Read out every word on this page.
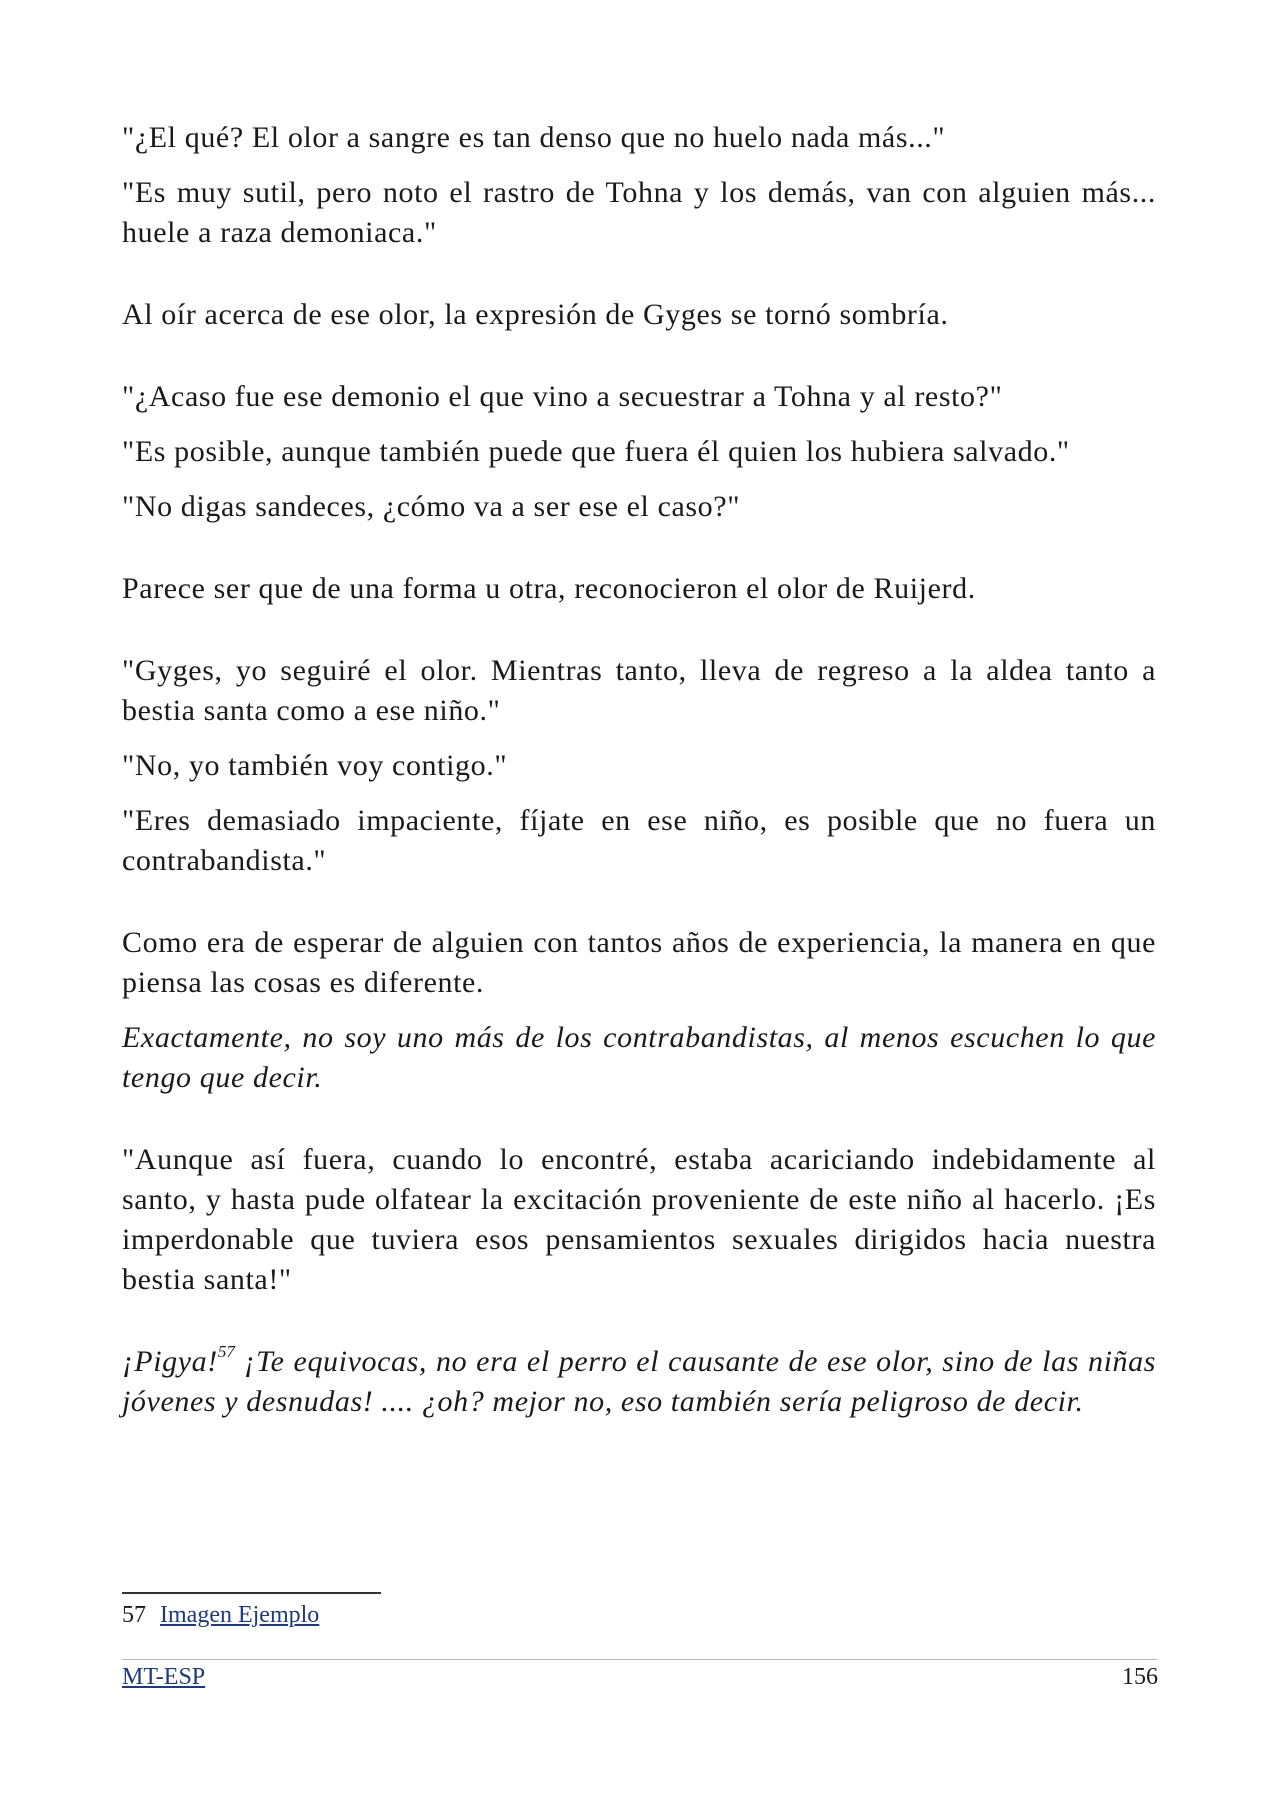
"¿El qué? El olor a sangre es tan denso que no huelo nada más..."

"Es muy sutil, pero noto el rastro de Tohna y los demás, van con alguien más... huele a raza demoniaca."

Al oír acerca de ese olor, la expresión de Gyges se tornó sombría.

"¿Acaso fue ese demonio el que vino a secuestrar a Tohna y al resto?"

"Es posible, aunque también puede que fuera él quien los hubiera salvado."

"No digas sandeces, ¿cómo va a ser ese el caso?"

Parece ser que de una forma u otra, reconocieron el olor de Ruijerd.

"Gyges, yo seguiré el olor. Mientras tanto, lleva de regreso a la aldea tanto a bestia santa como a ese niño."

"No, yo también voy contigo."

"Eres demasiado impaciente, fíjate en ese niño, es posible que no fuera un contrabandista."

Como era de esperar de alguien con tantos años de experiencia, la manera en que piensa las cosas es diferente.

Exactamente, no soy uno más de los contrabandistas, al menos escuchen lo que tengo que decir.

"Aunque así fuera, cuando lo encontré, estaba acariciando indebidamente al santo, y hasta pude olfatear la excitación proveniente de este niño al hacerlo. ¡Es imperdonable que tuviera esos pensamientos sexuales dirigidos hacia nuestra bestia santa!"

¡Pigya!$^{57}$ ¡Te equivocas, no era el perro el causante de ese olor, sino de las niñas jóvenes y desnudas! .... ¿oh? mejor no, eso también sería peligroso de decir.

57 Imagen Ejemplo
MT-ESP	156
